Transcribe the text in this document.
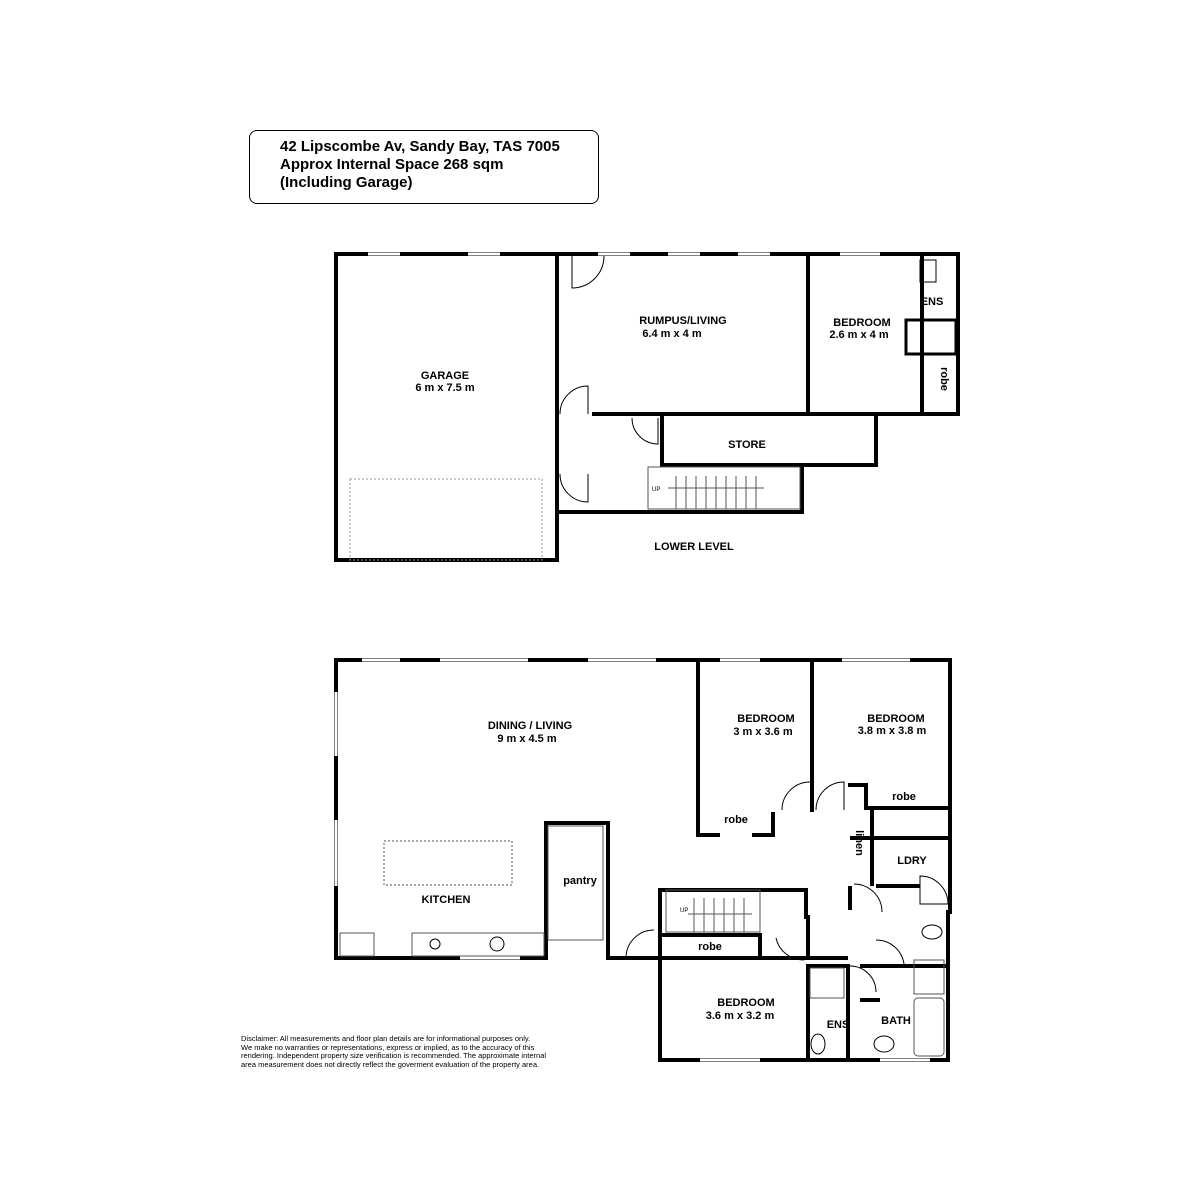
42 Lipscombe Av, Sandy Bay, TAS 7005
Approx Internal Space 268 sqm
(Including Garage)
GARAGE
6 m x 7.5 m
RUMPUS/LIVING
6.4 m x 4 m
BEDROOM
2.6 m x 4 m
ENS
robe
STORE
UP
LOWER LEVEL
DINING / LIVING
9 m x 4.5 m
KITCHEN
pantry
BEDROOM
3 m x 3.6 m
BEDROOM
3.8 m x 3.8 m
robe
robe
robe
linen
LDRY
BEDROOM
3.6 m x 3.2 m
ENS	BATH
UP
Disclaimer: All measurements and floor plan details are for informational purposes only.
We make no warranties or representations, express or implied, as to the accuracy of this
rendering. Independent property size verification is recommended. The approximate internal
area measurement does not directly reflect the goverment evaluation of the property area.
